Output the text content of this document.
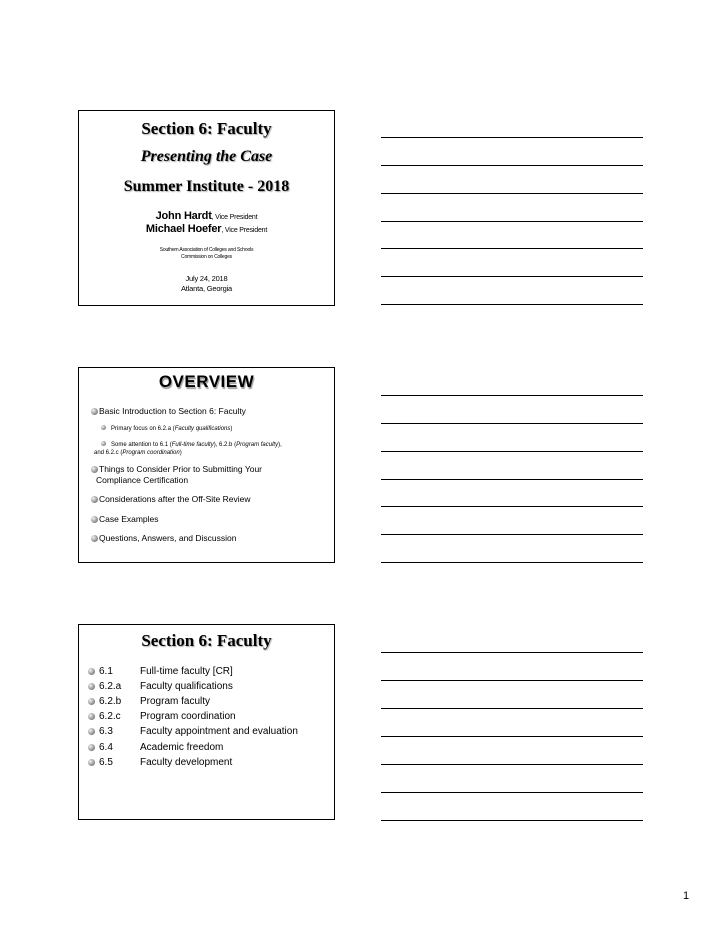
Section 6: Faculty
Presenting the Case
Summer Institute - 2018
John Hardt, Vice President
Michael Hoefer, Vice President
Southern Association of Colleges and Schools
Commission on Colleges
July 24, 2018
Atlanta, Georgia
OVERVIEW
Basic Introduction to Section 6: Faculty
Primary focus on 6.2.a (Faculty qualifications)
Some attention to 6.1 (Full-time faculty), 6.2.b (Program faculty),
and 6.2.c (Program coordination)
Things to Consider Prior to Submitting Your
Compliance Certification
Considerations after the Off-Site Review
Case Examples
Questions, Answers, and Discussion
Section 6: Faculty
6.1	Full-time faculty [CR]
6.2.a Faculty qualifications
6.2.b Program faculty
6.2.c Program coordination
6.3	Faculty appointment and evaluation
6.4	Academic freedom
6.5	Faculty development
1
